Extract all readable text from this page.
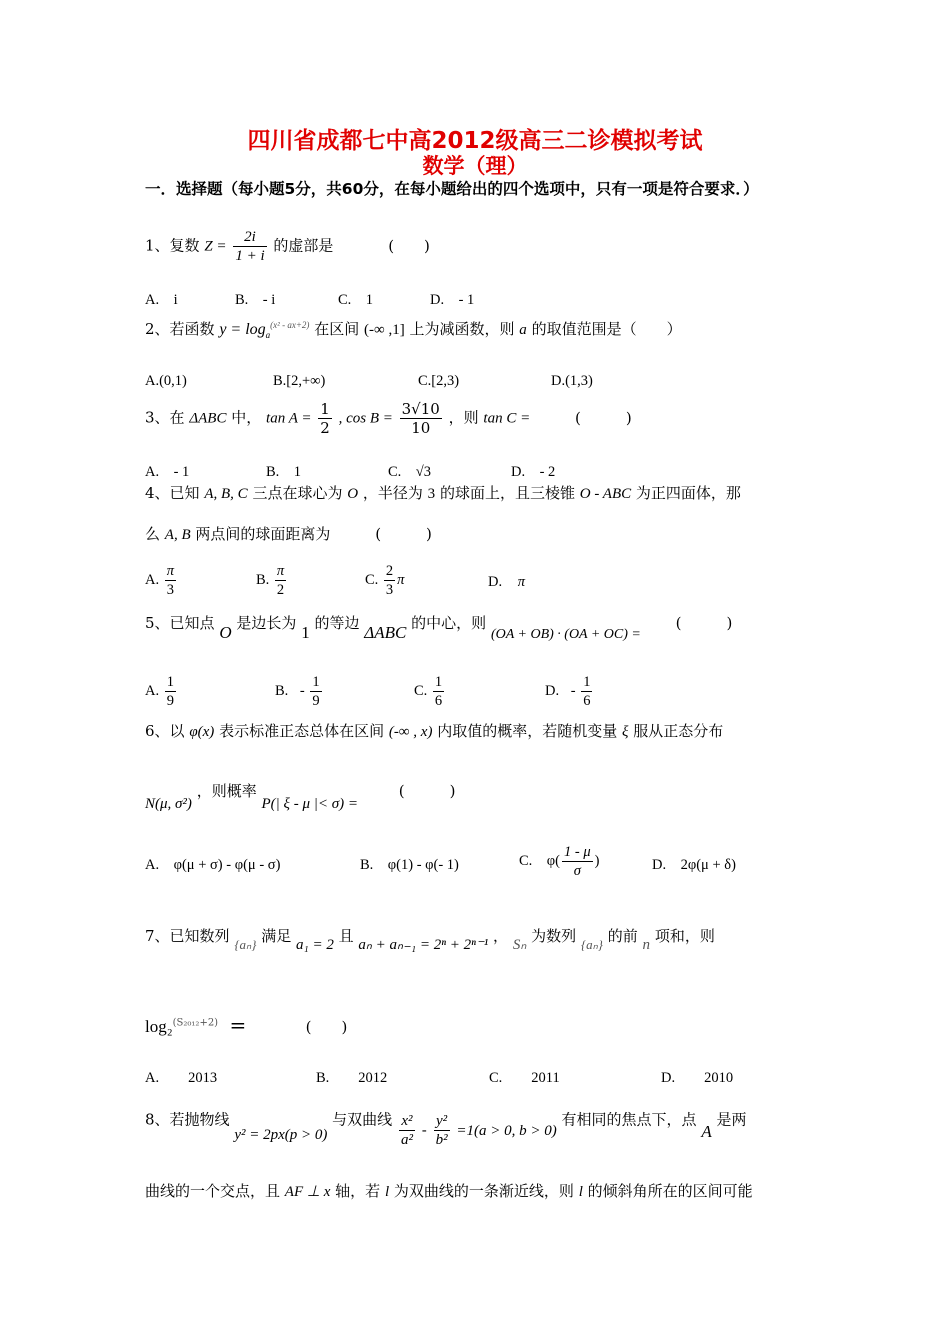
四川省成都七中高2012级高三二诊模拟考试
数学（理）
一．选择题（每小题5分，共60分，在每小题给出的四个选项中，只有一项是符合要求．）
1、复数 $Z = \frac{2i}{1 + i}$ 的虚部是	(　　)
A.　i	B.　- i	C.　1	D.　- 1
2、若函数 $y = \log_a^{(x^2 - ax+2)}$ 在区间 (-∞ ,1] 上为减函数，则 a 的取值范围是（　　）
A.(0,1)	B.[2,+∞)	C.[2,3)	D.(1,3)
3、在 ΔABC 中， $\tan A = \frac{1}{2}$ , $\cos B = \frac{3√10}{10}$ ，则 tan C =	(　　　)
A.　- 1	B.　1	C.　√3	D.　- 2
4、已知 A, B, C 三点在球心为 O ，半径为 3 的球面上，且三棱锥 O - ABC 为正四面体，那
么 A, B 两点间的球面距离为	(　　　)
A. $\frac{\pi}{3}$	B. $\frac{\pi}{2}$	C. $\frac{2}{3}$ π	D. π
5、已知点 O 是边长为 1 的等边 ΔABC 的中心，则 (OA + OB) · (OA + OC) = (　　　)
A. $\frac{1}{9}$	B. - $\frac{1}{9}$	C. $\frac{1}{6}$	D. - $\frac{1}{6}$
6、以 φ(x) 表示标准正态总体在区间 (-∞ , x) 内取值的概率，若随机变量 ξ 服从正态分布
N(μ, σ²) ，则概率 P(| ξ - μ |< σ) = (　　　)
A.　φ(μ + σ) - φ(μ - σ)	B.　φ(1) - φ(- 1)	C.　$\varphi( \frac{1 - \mu}{\sigma}$ )	D.　2φ(μ + δ)
7、已知数列 {aₙ} 满足 a₁ = 2 且 aₙ + aₙ₋₁ = 2ⁿ + 2ⁿ⁻¹ ， Sₙ 为数列 {aₙ} 的前 n 项和，则
log₂$^{(S_{2012}+2)}$ =	(　　)
A.　　2013	B.　　2012	C.　　2011	D.　　2010
8、若抛物线 y² = 2px(p > 0) 与双曲线 $\frac{\text{x²}}{\text{a²}} - \frac{\text{y²}}{\text{b²}} =1(a > 0$, b > 0) 有相同的焦点下，点 A 是两
曲线的一个交点，且 AF ⊥ x 轴，若 l 为双曲线的一条渐近线，则 l 的倾斜角所在的区间可能
